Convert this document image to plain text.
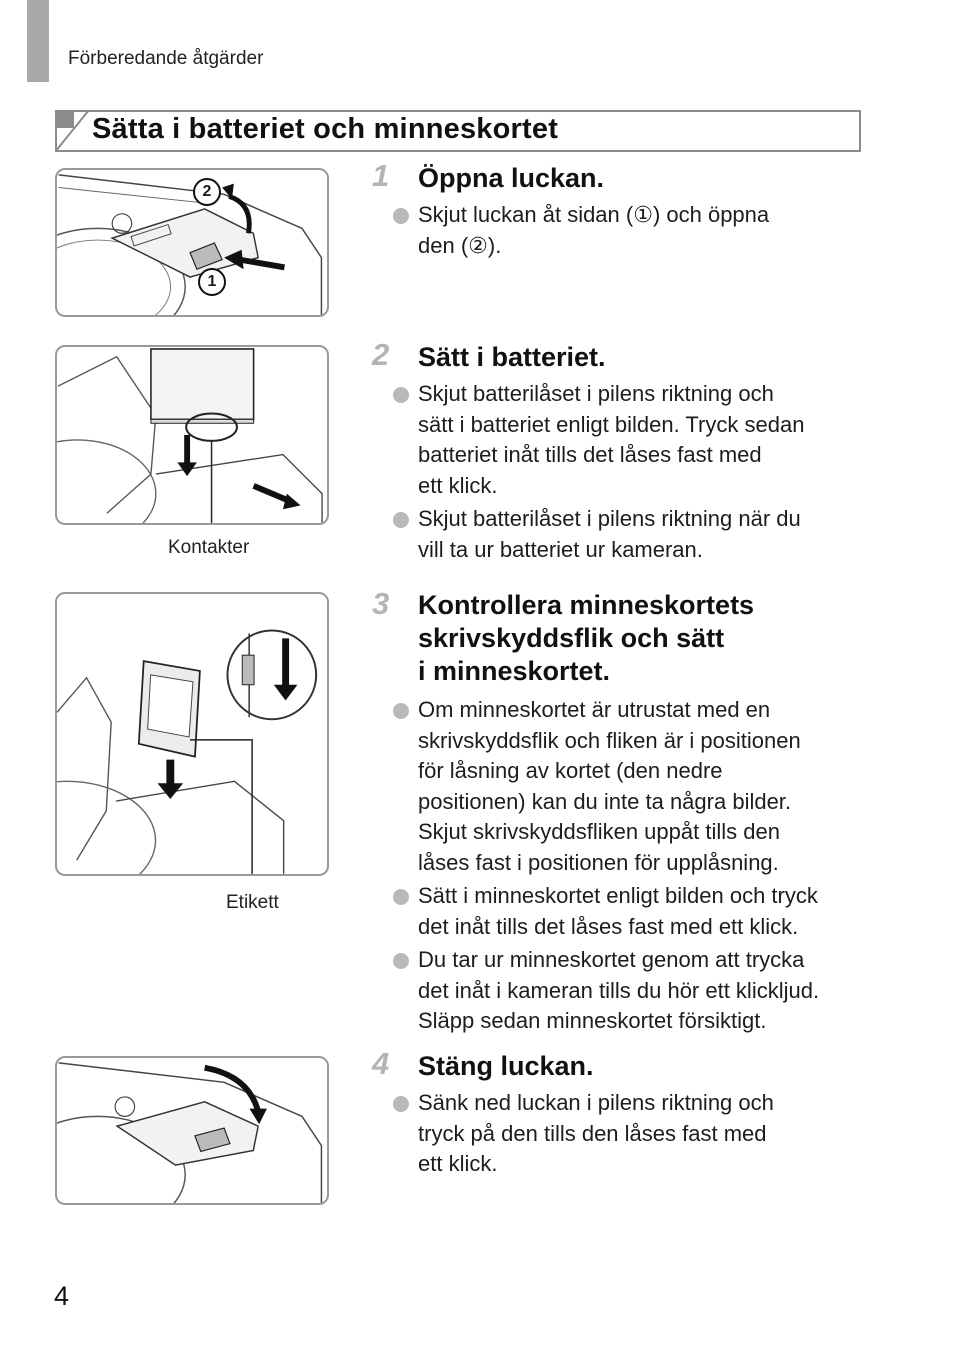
Förberedande åtgärder
Sätta i batteriet och minneskortet
2
1
Kontakter
Etikett
1 Öppna luckan.
Skjut luckan åt sidan (①) och öppna
den (②).
2 Sätt i batteriet.
Skjut batterilåset i pilens riktning och
sätt i batteriet enligt bilden. Tryck sedan
batteriet inåt tills det låses fast med
ett klick.
Skjut batterilåset i pilens riktning när du
vill ta ur batteriet ur kameran.
3 Kontrollera minneskortets
skrivskyddsflik och sätt
i minneskortet.
Om minneskortet är utrustat med en
skrivskyddsflik och fliken är i positionen
för låsning av kortet (den nedre
positionen) kan du inte ta några bilder.
Skjut skrivskyddsfliken uppåt tills den
låses fast i positionen för upplåsning.
Sätt i minneskortet enligt bilden och tryck
det inåt tills det låses fast med ett klick.
Du tar ur minneskortet genom att trycka
det inåt i kameran tills du hör ett klickljud.
Släpp sedan minneskortet försiktigt.
4 Stäng luckan.
Sänk ned luckan i pilens riktning och
tryck på den tills den låses fast med
ett klick.
4
